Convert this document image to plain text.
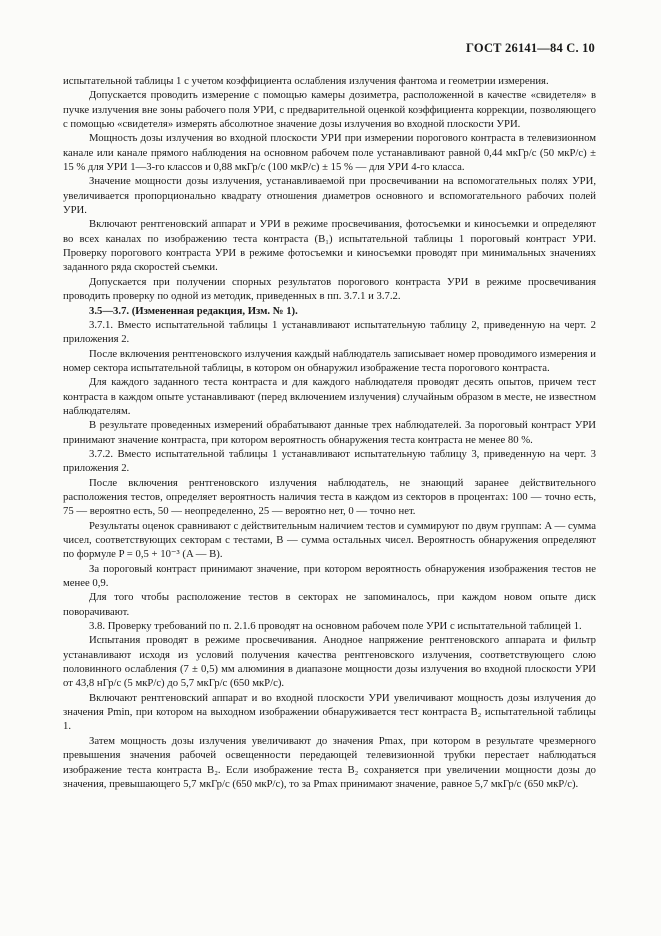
ГОСТ 26141—84 С. 10

испытательной таблицы 1 с учетом коэффициента ослабления излучения фантома и геометрии измерения.

Допускается проводить измерение с помощью камеры дозиметра, расположенной в качестве «свидетеля» в пучке излучения вне зоны рабочего поля УРИ, с предварительной оценкой коэффициента коррекции, позволяющего с помощью «свидетеля» измерять абсолютное значение дозы излучения во входной плоскости УРИ.

Мощность дозы излучения во входной плоскости УРИ при измерении порогового контраста в телевизионном канале или канале прямого наблюдения на основном рабочем поле устанавливают равной 0,44 мкГр/с (50 мкР/с) ± 15 % для УРИ 1—3-го классов и 0,88 мкГр/с (100 мкР/с) ± 15 % — для УРИ 4-го класса.

Значение мощности дозы излучения, устанавливаемой при просвечивании на вспомогательных полях УРИ, увеличивается пропорционально квадрату отношения диаметров основного и вспомогательного рабочих полей УРИ.

Включают рентгеновский аппарат и УРИ в режиме просвечивания, фотосъемки и киносъемки и определяют во всех каналах по изображению теста контраста (B₁) испытательной таблицы 1 пороговый контраст УРИ. Проверку порогового контраста УРИ в режиме фотосъемки и киносъемки проводят при минимальных значениях заданного ряда скоростей съемки.

Допускается при получении спорных результатов порогового контраста УРИ в режиме просвечивания проводить проверку по одной из методик, приведенных в пп. 3.7.1 и 3.7.2.

3.5—3.7. (Измененная редакция, Изм. № 1).

3.7.1. Вместо испытательной таблицы 1 устанавливают испытательную таблицу 2, приведенную на черт. 2 приложения 2.

После включения рентгеновского излучения каждый наблюдатель записывает номер проводимого измерения и номер сектора испытательной таблицы, в котором он обнаружил изображение теста порогового контраста.

Для каждого заданного теста контраста и для каждого наблюдателя проводят десять опытов, причем тест контраста в каждом опыте устанавливают (перед включением излучения) случайным образом в месте, не известном наблюдателям.

В результате проведенных измерений обрабатывают данные трех наблюдателей. За пороговый контраст УРИ принимают значение контраста, при котором вероятность обнаружения теста контраста не менее 80 %.

3.7.2. Вместо испытательной таблицы 1 устанавливают испытательную таблицу 3, приведенную на черт. 3 приложения 2.

После включения рентгеновского излучения наблюдатель, не знающий заранее действительного расположения тестов, определяет вероятность наличия теста в каждом из секторов в процентах: 100 — точно есть, 75 — вероятно есть, 50 — неопределенно, 25 — вероятно нет, 0 — точно нет.

Результаты оценок сравнивают с действительным наличием тестов и суммируют по двум группам: A — сумма чисел, соответствующих секторам с тестами, B — сумма остальных чисел. Вероятность обнаружения определяют по формуле P = 0,5 + 10⁻³ (A — B).

За пороговый контраст принимают значение, при котором вероятность обнаружения изображения тестов не менее 0,9.

Для того чтобы расположение тестов в секторах не запоминалось, при каждом новом опыте диск поворачивают.

3.8. Проверку требований по п. 2.1.6 проводят на основном рабочем поле УРИ с испытательной таблицей 1.

Испытания проводят в режиме просвечивания. Анодное напряжение рентгеновского аппарата и фильтр устанавливают исходя из условий получения качества рентгеновского излучения, соответствующего слою половинного ослабления (7 ± 0,5) мм алюминия в диапазоне мощности дозы излучения во входной плоскости УРИ от 43,8 нГр/с (5 мкР/с) до 5,7 мкГр/с (650 мкР/с).

Включают рентгеновский аппарат и во входной плоскости УРИ увеличивают мощность дозы излучения до значения Pmin, при котором на выходном изображении обнаруживается тест контраста B₂ испытательной таблицы 1.

Затем мощность дозы излучения увеличивают до значения Pmax, при котором в результате чрезмерного превышения значения рабочей освещенности передающей телевизионной трубки перестает наблюдаться изображение теста контраста B₂. Если изображение теста B₂ сохраняется при увеличении мощности дозы до значения, превышающего 5,7 мкГр/с (650 мкР/с), то за Pmax принимают значение, равное 5,7 мкГр/с (650 мкР/с).
